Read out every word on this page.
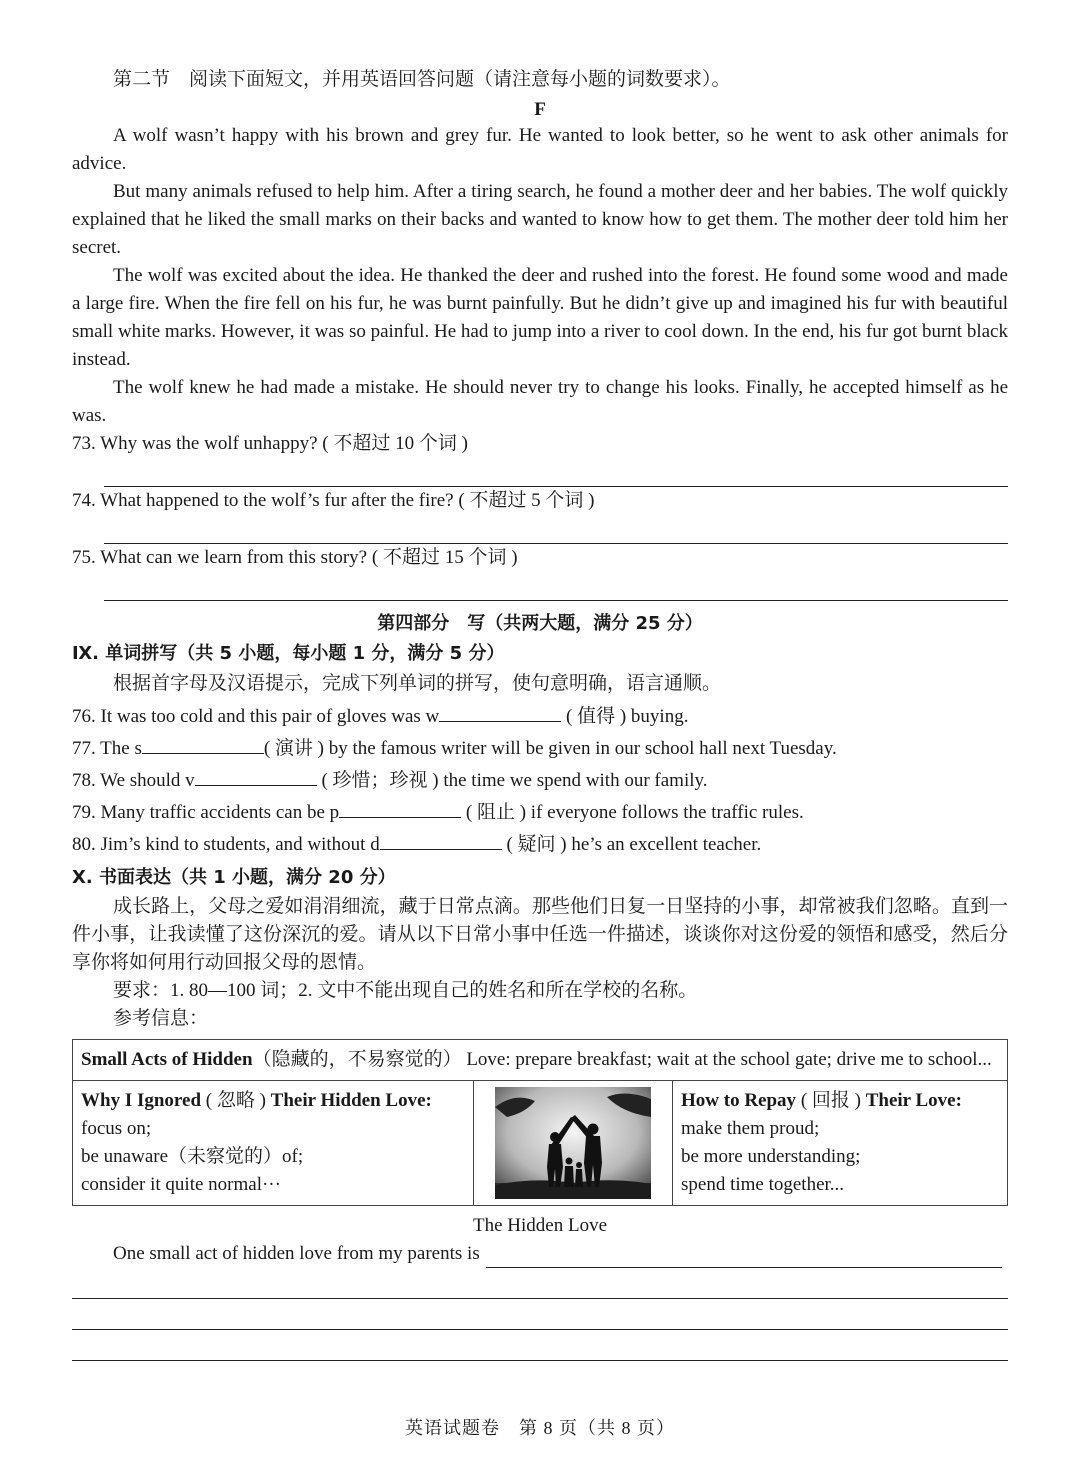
第二节　阅读下面短文，并用英语回答问题（请注意每小题的词数要求）。
F
A wolf wasn’t happy with his brown and grey fur. He wanted to look better, so he went to ask other animals for advice.
But many animals refused to help him. After a tiring search, he found a mother deer and her babies. The wolf quickly explained that he liked the small marks on their backs and wanted to know how to get them. The mother deer told him her secret.
The wolf was excited about the idea. He thanked the deer and rushed into the forest. He found some wood and made a large fire. When the fire fell on his fur, he was burnt painfully. But he didn’t give up and imagined his fur with beautiful small white marks. However, it was so painful. He had to jump into a river to cool down. In the end, his fur got burnt black instead.
The wolf knew he had made a mistake. He should never try to change his looks. Finally, he accepted himself as he was.
73. Why was the wolf unhappy? ( 不超过 10 个词 )
74. What happened to the wolf’s fur after the fire? ( 不超过 5 个词 )
75. What can we learn from this story? ( 不超过 15 个词 )
第四部分　写（共两大题，满分 25 分）
Ⅸ. 单词拼写（共 5 小题，每小题 1 分，满分 5 分）
根据首字母及汉语提示，完成下列单词的拼写，使句意明确，语言通顺。
76. It was too cold and this pair of gloves was w	( 值得 ) buying.
77. The s	( 演讲 ) by the famous writer will be given in our school hall next Tuesday.
78. We should v	( 珍惜；珍视 ) the time we spend with our family.
79. Many traffic accidents can be p	( 阻止 ) if everyone follows the traffic rules.
80. Jim’s kind to students, and without d	( 疑问 ) he’s an excellent teacher.
Ⅹ. 书面表达（共 1 小题，满分 20 分）
成长路上，父母之爱如涓涓细流，藏于日常点滴。那些他们日复一日坚持的小事，却常被我们忽略。直到一件小事，让我读懂了这份深沉的爱。请从以下日常小事中任选一件描述，谈谈你对这份爱的领悟和感受，然后分享你将如何用行动回报父母的恩情。
要求：1. 80—100 词；2. 文中不能出现自己的姓名和所在学校的名称。
参考信息：
Small Acts of Hidden（隐藏的，不易察觉的） Love: prepare breakfast; wait at the school gate; drive me to school...

Why I Ignored ( 忽略 ) Their Hidden Love:
focus on;
be unaware（未察觉的）of;
consider it quite normal···

How to Repay ( 回报 ) Their Love:
make them proud;
be more understanding;
spend time together...
The Hidden Love
One small act of hidden love from my parents is
英语试题卷　第 8 页（共 8 页）
